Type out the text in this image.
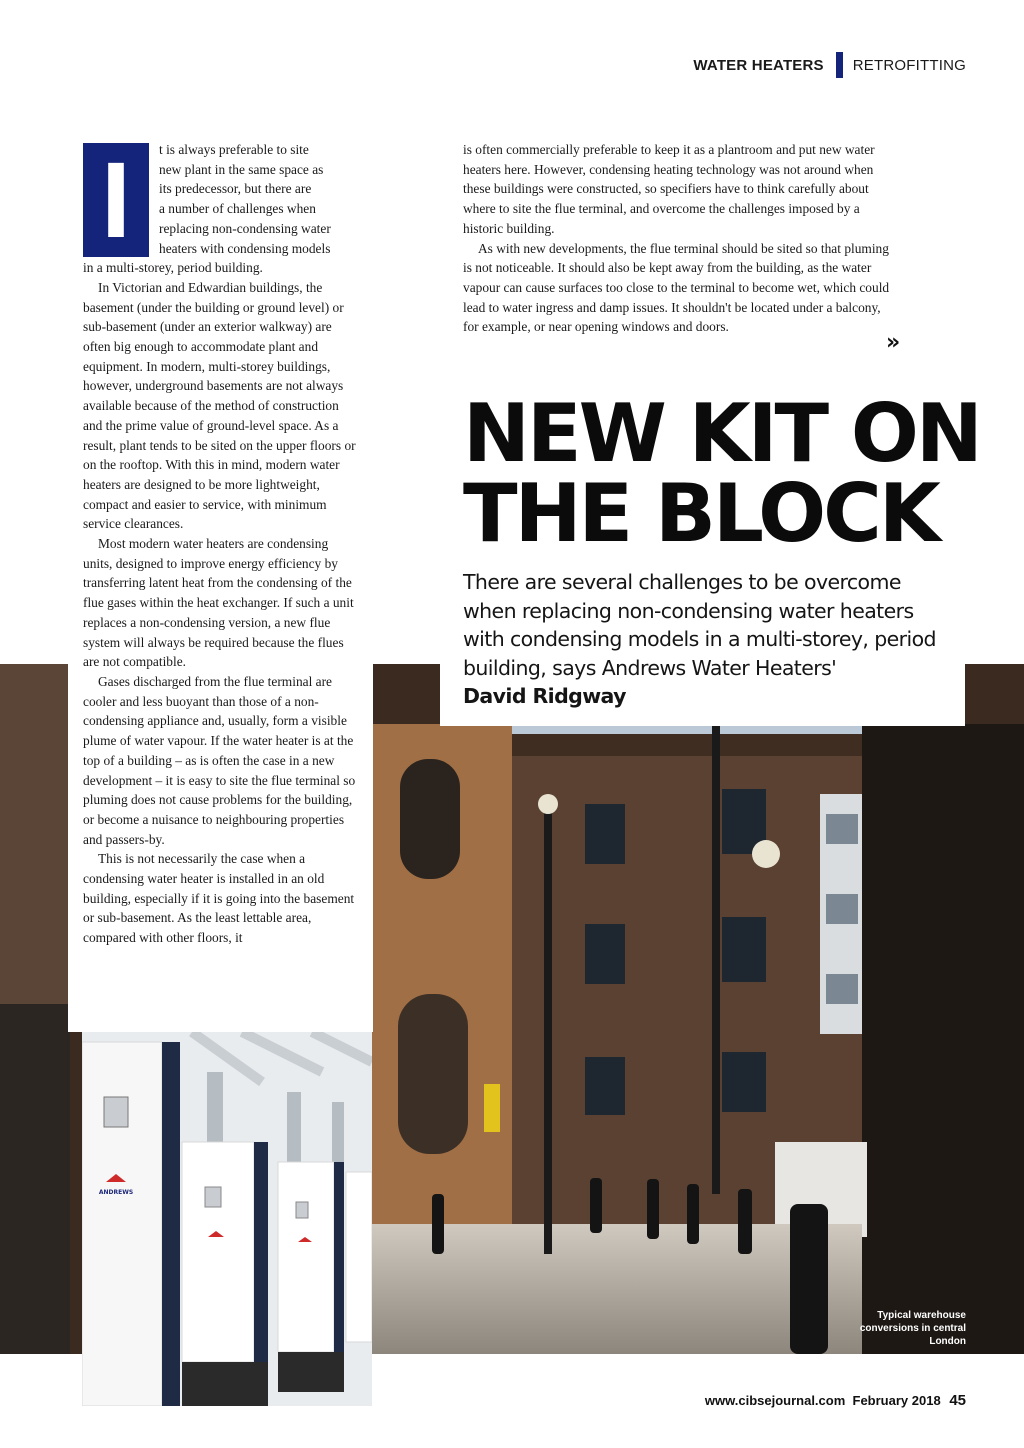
WATER HEATERS RETROFITTING
ANDREWS
I	t is always preferable to site
new plant in the same space as
its predecessor, but there are
a number of challenges when
replacing non-condensing water
heaters with condensing models
in a multi-storey, period building.

In Victorian and Edwardian buildings, the basement (under the building or ground level) or sub-basement (under an exterior walkway) are often big enough to accommodate plant and equipment. In modern, multi-storey buildings, however, underground basements are not always available because of the method of construction and the prime value of ground-level space. As a result, plant tends to be sited on the upper floors or on the rooftop. With this in mind, modern water heaters are designed to be more lightweight, compact and easier to service, with minimum service clearances.

Most modern water heaters are condensing units, designed to improve energy efficiency by transferring latent heat from the condensing of the flue gases within the heat exchanger. If such a unit replaces a non-condensing version, a new flue system will always be required because the flues are not compatible.

Gases discharged from the flue terminal are cooler and less buoyant than those of a non-condensing appliance and, usually, form a visible plume of water vapour. If the water heater is at the top of a building – as is often the case in a new development – it is easy to site the flue terminal so pluming does not cause problems for the building, or become a nuisance to neighbouring properties and passers-by.

This is not necessarily the case when a condensing water heater is installed in an old building, especially if it is going into the basement or sub-basement. As the least lettable area, compared with other floors, it

is often commercially preferable to keep it as a plantroom and put new water heaters here. However, condensing heating technology was not around when these buildings were constructed, so specifiers have to think carefully about where to site the flue terminal, and overcome the challenges imposed by a historic building.

As with new developments, the flue terminal should be sited so that pluming is not noticeable. It should also be kept away from the building, as the water vapour can cause surfaces too close to the terminal to become wet, which could lead to water ingress and damp issues. It shouldn't be located under a balcony, for example, or near opening windows and doors.

»
NEW KIT ON
THE BLOCK
There are several challenges to be overcome when replacing non-condensing water heaters with condensing models in a multi-storey, period building, says Andrews Water Heaters'
David Ridgway
Typical warehouse conversions in central London
www.cibsejournal.com February 2018 45
